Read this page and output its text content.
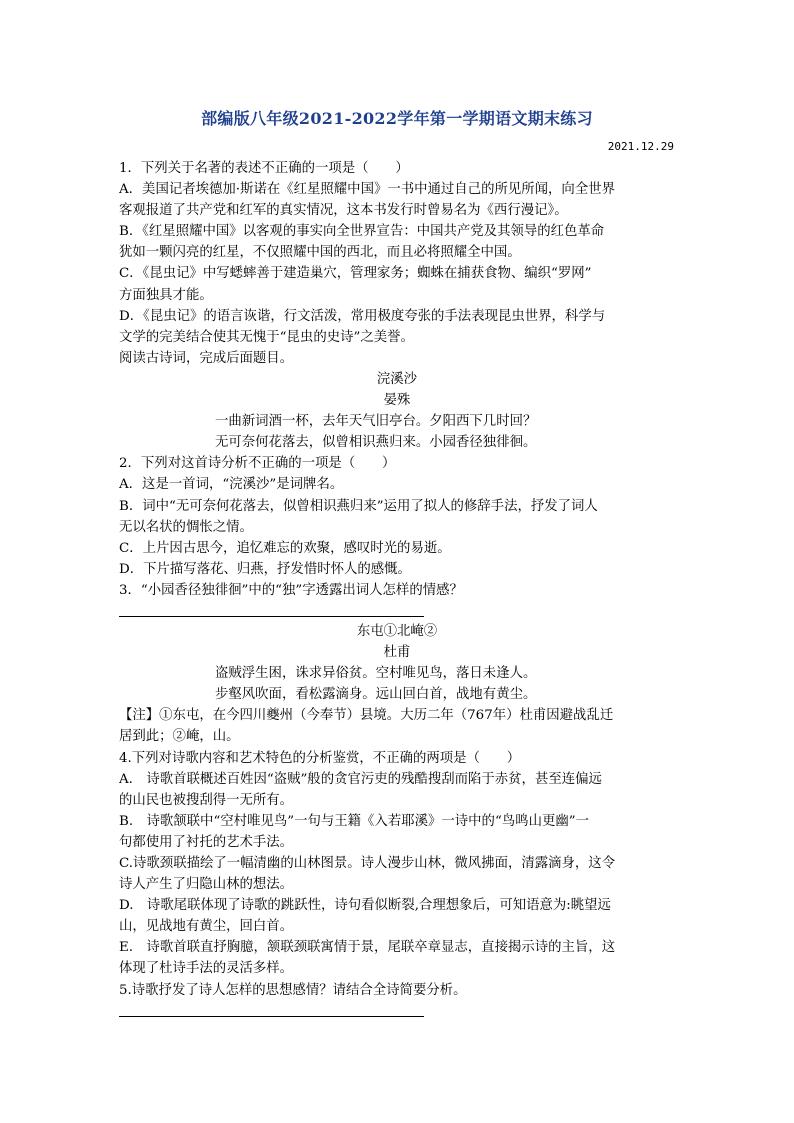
部编版八年级2021-2022学年第一学期语文期末练习
2021.12.29
1．下列关于名著的表述不正确的一项是（　　）
A．美国记者埃德加·斯诺在《红星照耀中国》一书中通过自己的所见所闻，向全世界
客观报道了共产党和红军的真实情况，这本书发行时曾易名为《西行漫记》。
B．《红星照耀中国》以客观的事实向全世界宣告：中国共产党及其领导的红色革命
犹如一颗闪亮的红星，不仅照耀中国的西北，而且必将照耀全中国。
C．《昆虫记》中写蟋蟀善于建造巢穴，管理家务；蜘蛛在捕获食物、编织“罗网”
方面独具才能。
D．《昆虫记》的语言诙谐，行文活泼，常用极度夸张的手法表现昆虫世界，科学与
文学的完美结合使其无愧于“昆虫的史诗”之美誉。
阅读古诗词，完成后面题目。
浣溪沙
晏殊
一曲新词酒一杯，去年天气旧亭台。夕阳西下几时回？
无可奈何花落去，似曾相识燕归来。小园香径独徘徊。
2．下列对这首诗分析不正确的一项是（　　）
A．这是一首词，“浣溪沙”是词牌名。
B．词中“无可奈何花落去，似曾相识燕归来”运用了拟人的修辞手法，抒发了词人
无以名状的惆怅之情。
C．上片因古思今，追忆难忘的欢聚，感叹时光的易逝。
D．下片描写落花、归燕，抒发惜时怀人的感慨。
3．“小园香径独徘徊”中的“独”字透露出词人怎样的情感？
东屯①北崦②
杜甫
盗贼浮生困，诛求异俗贫。空村唯见鸟，落日未逢人。
步壑风吹面，看松露滴身。远山回白首，战地有黄尘。
【注】①东屯，在今四川夔州（今奉节）县境。大历二年（767年）杜甫因避战乱迁
居到此；②崦，山。
4.下列对诗歌内容和艺术特色的分析鉴赏，不正确的两项是（　　）
A.　诗歌首联概述百姓因“盗贼”般的贪官污吏的残酷搜刮而陷于赤贫，甚至连偏远
的山民也被搜刮得一无所有。
B.　诗歌颔联中“空村唯见鸟”一句与王籍《入若耶溪》一诗中的“鸟鸣山更幽”一
句都使用了衬托的艺术手法。
C.诗歌颈联描绘了一幅清幽的山林图景。诗人漫步山林，微风拂面，清露滴身，这令
诗人产生了归隐山林的想法。
D.　诗歌尾联体现了诗歌的跳跃性，诗句看似断裂,合理想象后，可知语意为:眺望远
山，见战地有黄尘，回白首。
E.　诗歌首联直抒胸臆，颔联颈联寓情于景，尾联卒章显志，直接揭示诗的主旨，这
体现了杜诗手法的灵活多样。
5.诗歌抒发了诗人怎样的思想感情？请结合全诗简要分析。
